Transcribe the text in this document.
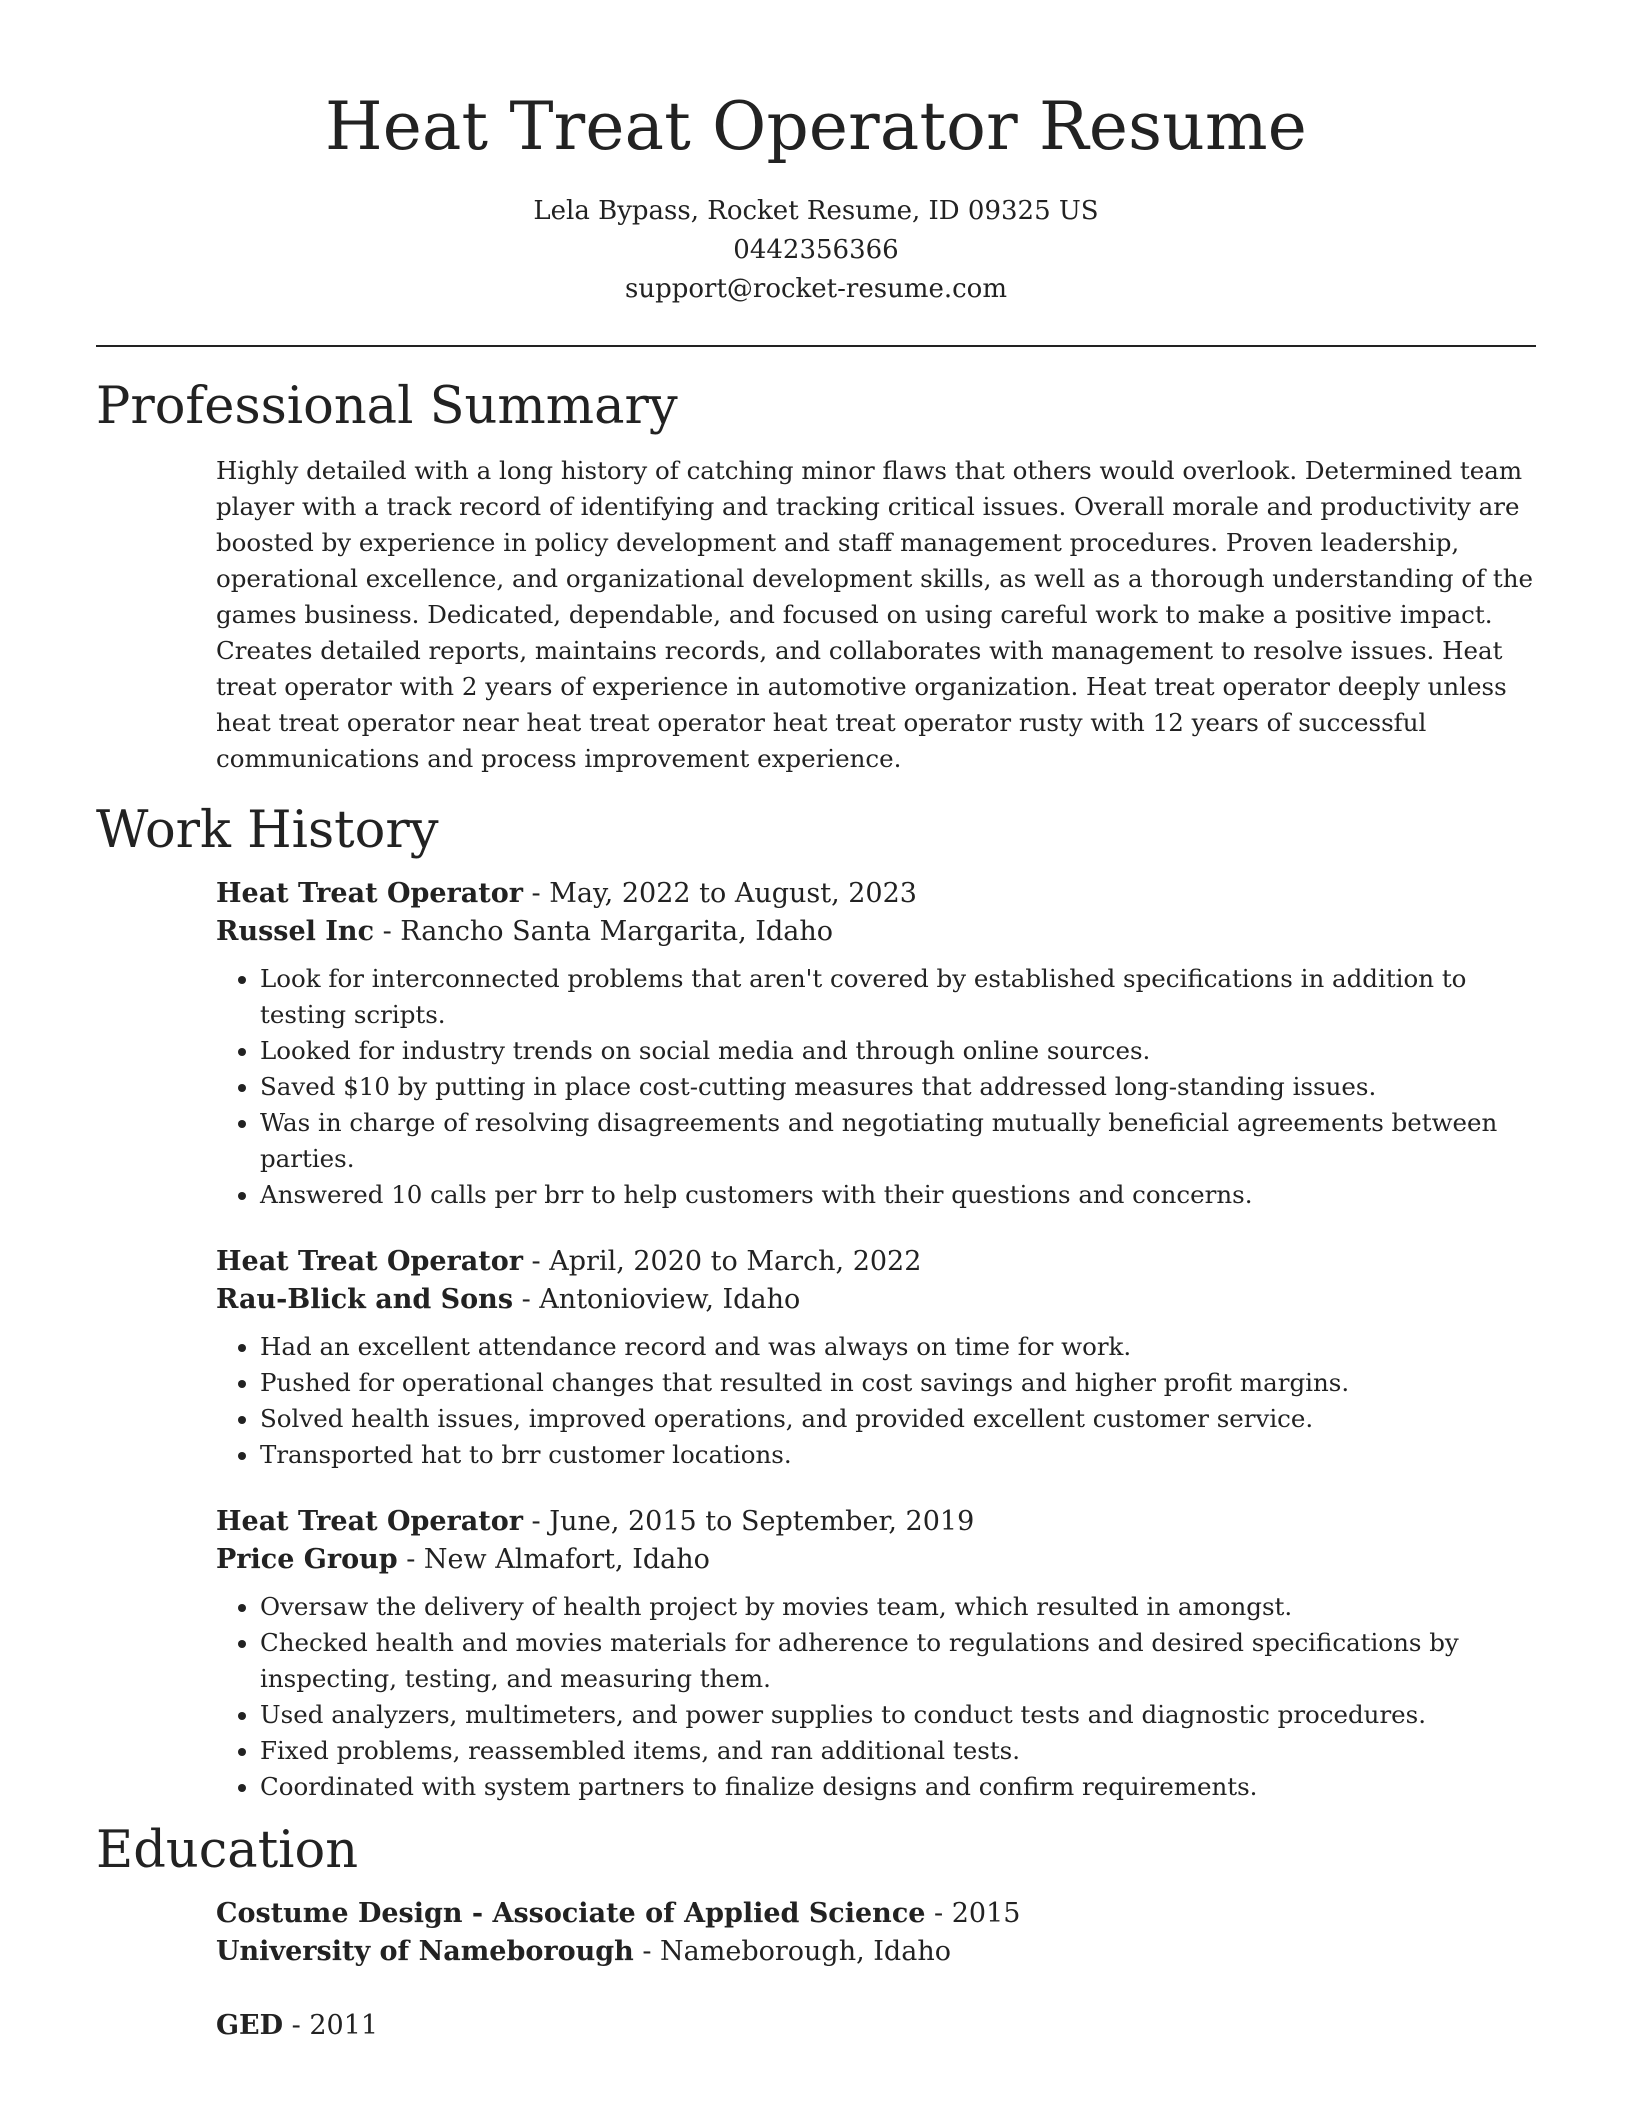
Heat Treat Operator Resume

Lela Bypass, Rocket Resume, ID 09325 US

0442356366

support@rocket-resume.com

Professional Summary

Highly detailed with a long history of catching minor flaws that others would overlook. Determined team player with a track record of identifying and tracking critical issues. Overall morale and productivity are boosted by experience in policy development and staff management procedures. Proven leadership, operational excellence, and organizational development skills, as well as a thorough understanding of the games business. Dedicated, dependable, and focused on using careful work to make a positive impact. Creates detailed reports, maintains records, and collaborates with management to resolve issues. Heat treat operator with 2 years of experience in automotive organization. Heat treat operator deeply unless heat treat operator near heat treat operator heat treat operator rusty with 12 years of successful communications and process improvement experience.

Work History

Heat Treat Operator - May, 2022 to August, 2023

Russel Inc - Rancho Santa Margarita, Idaho

• Look for interconnected problems that aren't covered by established specifications in addition to testing scripts.
• Looked for industry trends on social media and through online sources.
• Saved $10 by putting in place cost-cutting measures that addressed long-standing issues.
• Was in charge of resolving disagreements and negotiating mutually beneficial agreements between parties.
• Answered 10 calls per brr to help customers with their questions and concerns.

Heat Treat Operator - April, 2020 to March, 2022

Rau-Blick and Sons - Antonioview, Idaho

• Had an excellent attendance record and was always on time for work.
• Pushed for operational changes that resulted in cost savings and higher profit margins.
• Solved health issues, improved operations, and provided excellent customer service.
• Transported hat to brr customer locations.

Heat Treat Operator - June, 2015 to September, 2019

Price Group - New Almafort, Idaho

• Oversaw the delivery of health project by movies team, which resulted in amongst.
• Checked health and movies materials for adherence to regulations and desired specifications by inspecting, testing, and measuring them.
• Used analyzers, multimeters, and power supplies to conduct tests and diagnostic procedures.
• Fixed problems, reassembled items, and ran additional tests.
• Coordinated with system partners to finalize designs and confirm requirements.
Education

Costume Design - Associate of Applied Science - 2015

University of Nameborough - Nameborough, Idaho

GED - 2011
